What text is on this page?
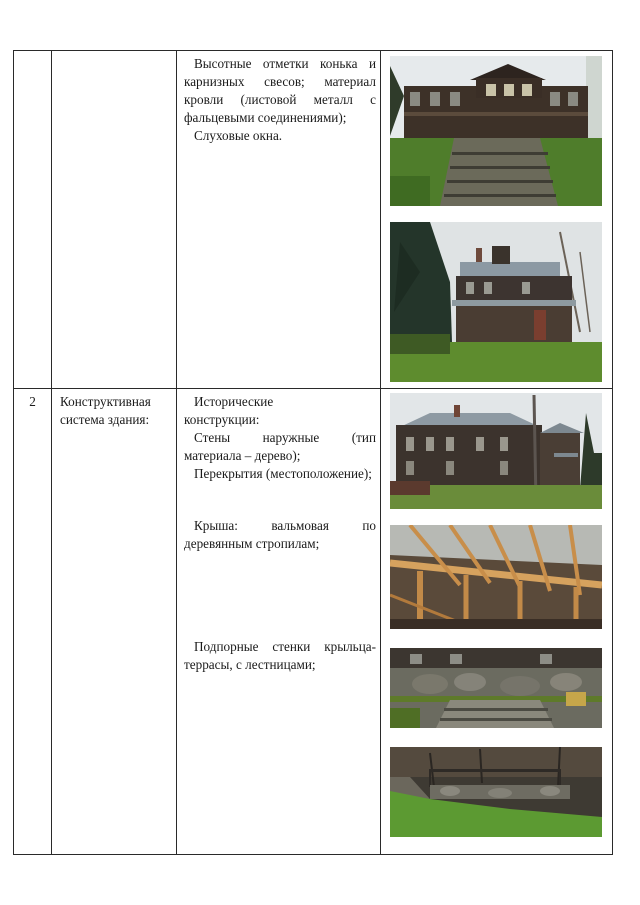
Высотные отметки конька и карнизных свесов; материал кровли (листовой металл с фальцевыми соединениями);

Слуховые окна.

2	Конструктивная система здания:

Исторические конструкции:

Стены наружные (тип материала – дерево);

Перекрытия (местоположение);

Крыша: вальмовая по деревянным стропилам;

Подпорные стенки крыльца-террасы, с лестницами;
